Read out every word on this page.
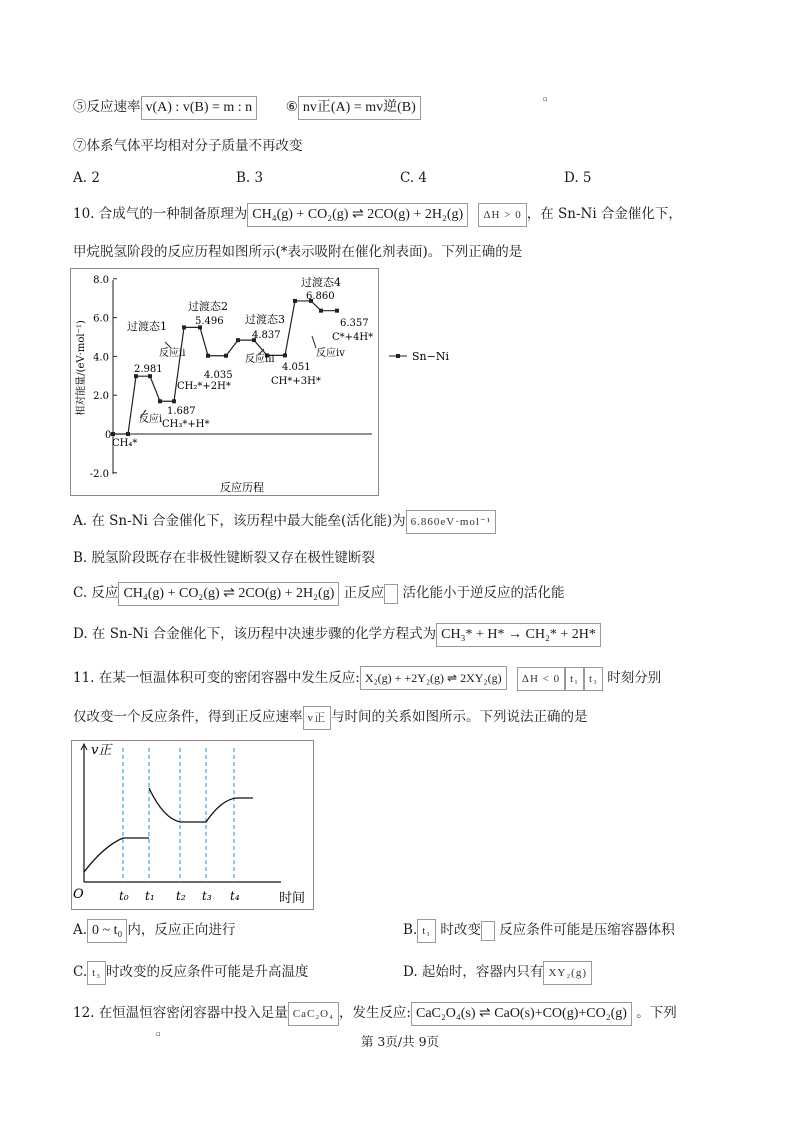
⑤反应速率 v(A) : v(B) = m : n ⑥ nv正(A) = mv逆(B)
▫
⑦体系气体平均相对分子质量不再改变
A. 2	B. 3	C. 4	D. 5
10. 合成气的一种制备原理为 CH₄(g) + CO₂(g) ⇌ 2CO(g) + 2H₂(g) ΔH > 0 ，在 Sn-Ni 合金催化下，
甲烷脱氢阶段的反应历程如图所示(*表示吸附在催化剂表面)。下列正确的是
8.0
6.0
4.0
2.0
-2.0
Sn−Ni
相对能量/(eV·mol⁻¹)
反应历程
过渡态1
过渡态2
过渡态3
过渡态4
CH₄*
0
2.981
反应i
1.687
CH₃*+H*
反应ii
5.496
4.035
CH₂*+2H*
4.837
反应iii
4.051
CH*+3H*
6.860
6.357
C*+4H*
反应iv
A. 在 Sn-Ni 合金催化下，该历程中最大能垒(活化能)为 6.860eV·mol⁻¹
B. 脱氢阶段既存在非极性键断裂又存在极性键断裂
C. 反应 CH₄(g) + CO₂(g) ⇌ 2CO(g) + 2H₂(g) 正反应 活化能小于逆反应的活化能
D. 在 Sn-Ni 合金催化下，该历程中决速步骤的化学方程式为 CH₃* + H* → CH₂* + 2H*
11. 在某一恒温体积可变的密闭容器中发生反应: X₂(g) + +2Y₂(g) ⇌ 2XY₂(g) ΔH < 0 t₁ t₃ 时刻分别
仅改变一个反应条件，得到正反应速率 v正 与时间的关系如图所示。下列说法正确的是
v正
O	时间
t₀ t₁ t₂ t₃ t₄
A. 0 ~ t₀ 内，反应正向进行	B. t₁ 时改变 反应条件可能是压缩容器体积
C. t₃ 时改变的反应条件可能是升高温度	D. 起始时，容器内只有 XY₂(g)
12. 在恒温恒容密闭容器中投入足量 CaC₂O₄ ，发生反应: CaC₂O₄(s) ⇌ CaO(s)+CO(g)+CO₂(g) 。下列
▫	第 3页/共 9页
